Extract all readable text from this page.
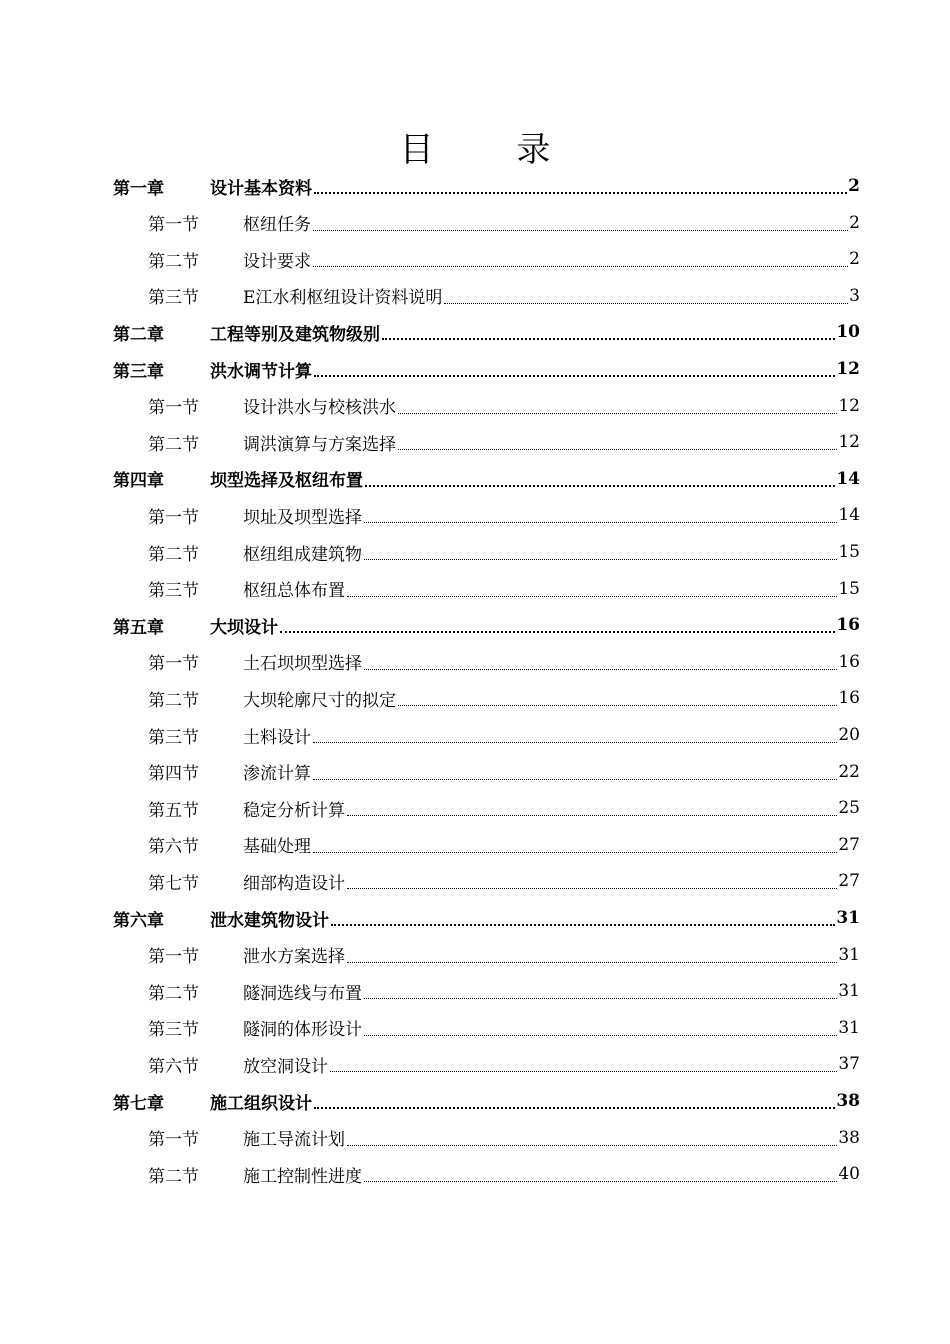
目 录
第一章	设计基本资料	2
第一节	枢纽任务	2
第二节	设计要求	2
第三节	E江水利枢纽设计资料说明	3
第二章	工程等别及建筑物级别	10
第三章	洪水调节计算	12
第一节	设计洪水与校核洪水	12
第二节	调洪演算与方案选择	12
第四章	坝型选择及枢纽布置	14
第一节	坝址及坝型选择	14
第二节	枢纽组成建筑物	15
第三节	枢纽总体布置	15
第五章	大坝设计	16
第一节	土石坝坝型选择	16
第二节	大坝轮廓尺寸的拟定	16
第三节	土料设计	20
第四节	渗流计算	22
第五节	稳定分析计算	25
第六节	基础处理	27
第七节	细部构造设计	27
第六章	泄水建筑物设计	31
第一节	泄水方案选择	31
第二节	隧洞选线与布置	31
第三节	隧洞的体形设计	31
第六节	放空洞设计	37
第七章	施工组织设计	38
第一节	施工导流计划	38
第二节	施工控制性进度	40
